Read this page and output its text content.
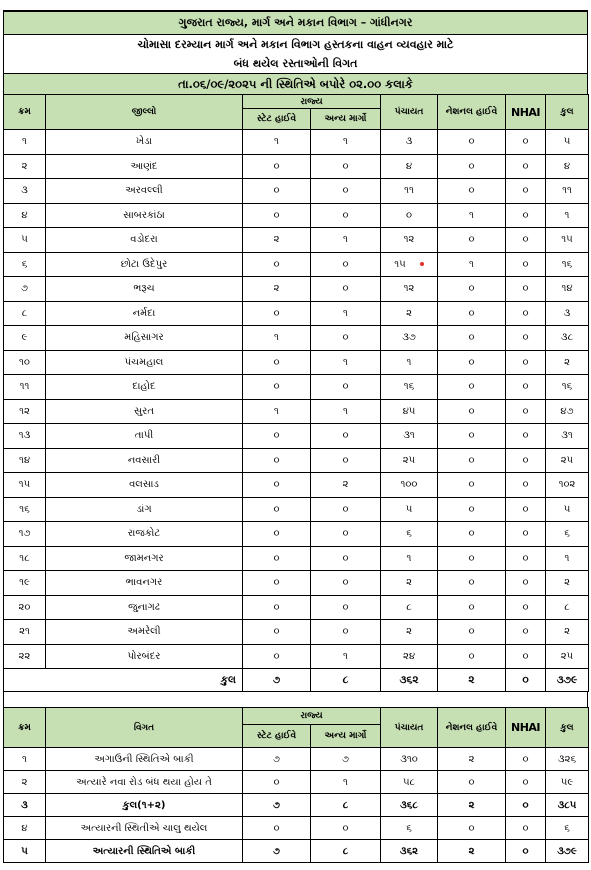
ગુજરાત રાજ્ય, માર્ગ અને મકાન વિભાગ – ગાંધીનગર
ચોમાસા દરમ્યાન માર્ગ અને મકાન વિભાગ હસ્તકના વાહન વ્યવહાર માટે
બંધ થયેલ રસ્તાઓની વિગત
તા.૦૬/૦૯/૨૦૨૫ ની સ્થિતિએ બપોરે ૦૨.૦૦ કલાકે
ક્રમ	જીલ્લો	રાજ્ય		પંચાયત	નેશનલ હાઈવે	NHAI	કુલ
		સ્ટેટ હાઈવે	અન્ય માર્ગો				
૧	ખેડા	૧	૧	૩	૦	૦	૫
૨	આણંદ	૦	૦	૪	૦	૦	૪
૩	અરવલ્લી	૦	૦	૧૧	૦	૦	૧૧
૪	સાબરકાંઠા	૦	૦	૦	૧	૦	૧
૫	વડોદરા	૨	૧	૧૨	૦	૦	૧૫
૬	છોટા ઉદેપુર	૦	૦	૧૫	૧	૦	૧૬
૭	ભરૂચ	૨	૦	૧૨	૦	૦	૧૪
૮	નર્મદા	૦	૧	૨	૦	૦	૩
૯	મહિસાગર	૧	૦	૩૭	૦	૦	૩૮
૧૦	પંચમહાલ	૦	૧	૧	૦	૦	૨
૧૧	દાહોદ	૦	૦	૧૬	૦	૦	૧૬
૧૨	સુરત	૧	૧	૪૫	૦	૦	૪૭
૧૩	તાપી	૦	૦	૩૧	૦	૦	૩૧
૧૪	નવસારી	૦	૦	૨૫	૦	૦	૨૫
૧૫	વલસાડ	૦	૨	૧૦૦	૦	૦	૧૦૨
૧૬	ડાંગ	૦	૦	૫	૦	૦	૫
૧૭	રાજકોટ	૦	૦	૬	૦	૦	૬
૧૮	જામનગર	૦	૦	૧	૦	૦	૧
૧૯	ભાવનગર	૦	૦	૨	૦	૦	૨
૨૦	જુનાગઢ	૦	૦	૮	૦	૦	૮
૨૧	અમરેલી	૦	૦	૨	૦	૦	૨
૨૨	પોરબંદર	૦	૧	૨૪	૦	૦	૨૫
કુલ		૭	૮	૩૬૨	૨	૦	૩૭૯
ક્રમ	વિગત	રાજ્ય		પંચાયત	નેશનલ હાઈવે	NHAI	કુલ
		સ્ટેટ હાઈવે	અન્ય માર્ગો				
૧	અગાઉની સ્થિતિએ બાકી	૭	૭	૩૧૦	૨	૦	૩૨૬
૨	અત્યારે નવા રોડ બંધ થયા હોય તે	૦	૧	૫૮	૦	૦	૫૯
૩	કુલ(૧+૨)	૭	૮	૩૬૮	૨	૦	૩૮૫
૪	અત્યારની સ્થિતીએ ચાલુ થયેલ	૦	૦	૬	૦	૦	૬
૫	અત્યારની સ્થિતિએ બાકી	૭	૮	૩૬૨	૨	૦	૩૭૯
